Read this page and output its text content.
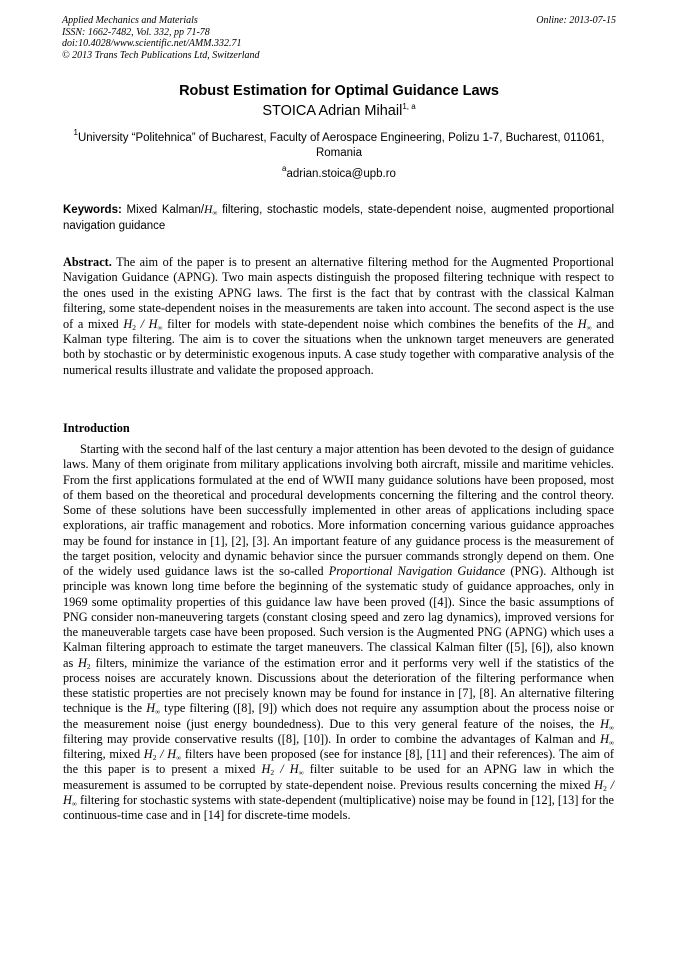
Applied Mechanics and Materials
ISSN: 1662-7482, Vol. 332, pp 71-78
doi:10.4028/www.scientific.net/AMM.332.71
© 2013 Trans Tech Publications Ltd, Switzerland
Online: 2013-07-15
Robust Estimation for Optimal Guidance Laws
STOICA Adrian Mihail$^{1, a}$
$^1$University “Politehnica” of Bucharest, Faculty of Aerospace Engineering, Polizu 1-7, Bucharest, 011061, Romania
$^a$adrian.stoica@upb.ro
Keywords: Mixed Kalman/H∞ filtering, stochastic models, state-dependent noise, augmented proportional navigation guidance
Abstract. The aim of the paper is to present an alternative filtering method for the Augmented Proportional Navigation Guidance (APNG). Two main aspects distinguish the proposed filtering technique with respect to the ones used in the existing APNG laws. The first is the fact that by contrast with the classical Kalman filtering, some state-dependent noises in the measurements are taken into account. The second aspect is the use of a mixed $H_2 / H\infty$ filter for models with state-dependent noise which combines the benefits of the H∞ and Kalman type filtering. The aim is to cover the situations when the unknown target meneuvers are generated both by stochastic or by deterministic exogenous inputs. A case study together with comparative analysis of the numerical results illustrate and validate the proposed approach.
Introduction
Starting with the second half of the last century a major attention has been devoted to the design of guidance laws. Many of them originate from military applications involving both aircraft, missile and maritime vehicles. From the first applications formulated at the end of WWII many guidance solutions have been proposed, most of them based on the theoretical and procedural developments concerning the filtering and the control theory. Some of these solutions have been successfully implemented in other areas of applications including space explorations, air traffic management and robotics. More information concerning various guidance approaches may be found for instance in [1], [2], [3]. An important feature of any guidance process is the measurement of the target position, velocity and dynamic behavior since the pursuer commands strongly depend on them. One of the widely used guidance laws ist the so-called Proportional Navigation Guidance (PNG). Although ist principle was known long time before the beginning of the systematic study of guidance approaches, only in 1969 some optimality properties of this guidance law have been proved ([4]). Since the basic assumptions of PNG consider non-maneuvering targets (constant closing speed and zero lag dynamics), improved versions for the maneuverable targets case have been proposed. Such version is the Augmented PNG (APNG) which uses a Kalman filtering approach to estimate the target maneuvers. The classical Kalman filter ([5], [6]), also known as $H_2$ filters, minimize the variance of the estimation error and it performs very well if the statistics of the process noises are accurately known. Discussions about the deterioration of the filtering performance when these statistic properties are not precisely known may be found for instance in [7], [8]. An alternative filtering technique is the H∞ type filtering ([8], [9]) which does not require any assumption about the process noise or the measurement noise (just energy boundedness). Due to this very general feature of the noises, the H∞ filtering may provide conservative results ([8], [10]). In order to combine the advantages of Kalman and H∞ filtering, mixed $H_2 / H\infty$ filters have been proposed (see for instance [8], [11] and their references). The aim of the this paper is to present a mixed $H_2 / H\infty$ filter suitable to be used for an APNG law in which the measurement is assumed to be corrupted by state-dependent noise. Previous results concerning the mixed $H_2 / H\infty$ filtering for stochastic systems with state-dependent (multiplicative) noise may be found in [12], [13] for the continuous-time case and in [14] for discrete-time models.
